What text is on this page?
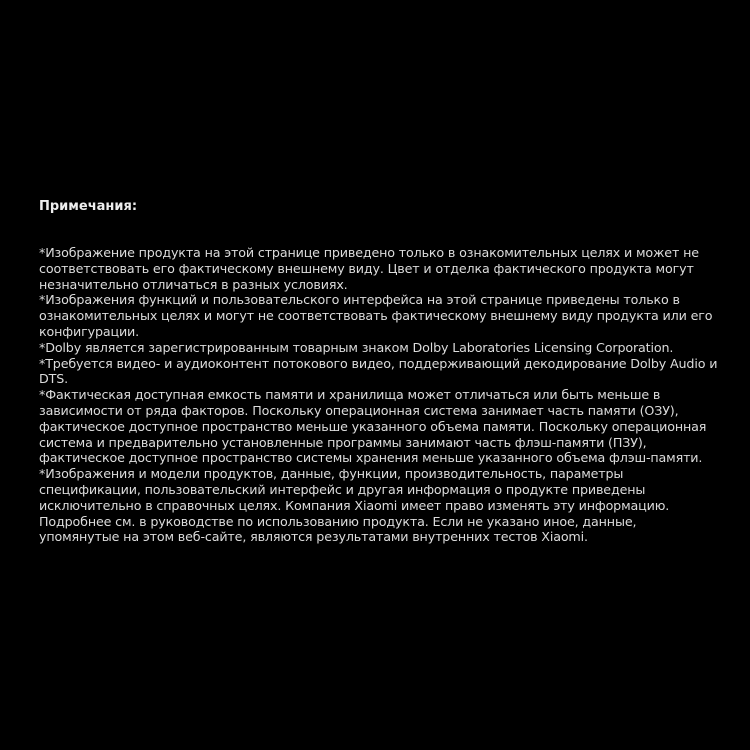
Примечания:

*Изображение продукта на этой странице приведено только в ознакомительных целях и может не соответствовать его фактическому внешнему виду. Цвет и отделка фактического продукта могут незначительно отличаться в разных условиях.

*Изображения функций и пользовательского интерфейса на этой странице приведены только в ознакомительных целях и могут не соответствовать фактическому внешнему виду продукта или его конфигурации.

*Dolby является зарегистрированным товарным знаком Dolby Laboratories Licensing Corporation.

*Требуется видео- и аудиоконтент потокового видео, поддерживающий декодирование Dolby Audio и DTS.

*Фактическая доступная емкость памяти и хранилища может отличаться или быть меньше в зависимости от ряда факторов. Поскольку операционная система занимает часть памяти (ОЗУ), фактическое доступное пространство меньше указанного объема памяти. Поскольку операционная система и предварительно установленные программы занимают часть флэш-памяти (ПЗУ), фактическое доступное пространство системы хранения меньше указанного объема флэш-памяти.

*Изображения и модели продуктов, данные, функции, производительность, параметры спецификации, пользовательский интерфейс и другая информация о продукте приведены исключительно в справочных целях. Компания Xiaomi имеет право изменять эту информацию. Подробнее см. в руководстве по использованию продукта. Если не указано иное, данные, упомянутые на этом веб-сайте, являются результатами внутренних тестов Xiaomi.
